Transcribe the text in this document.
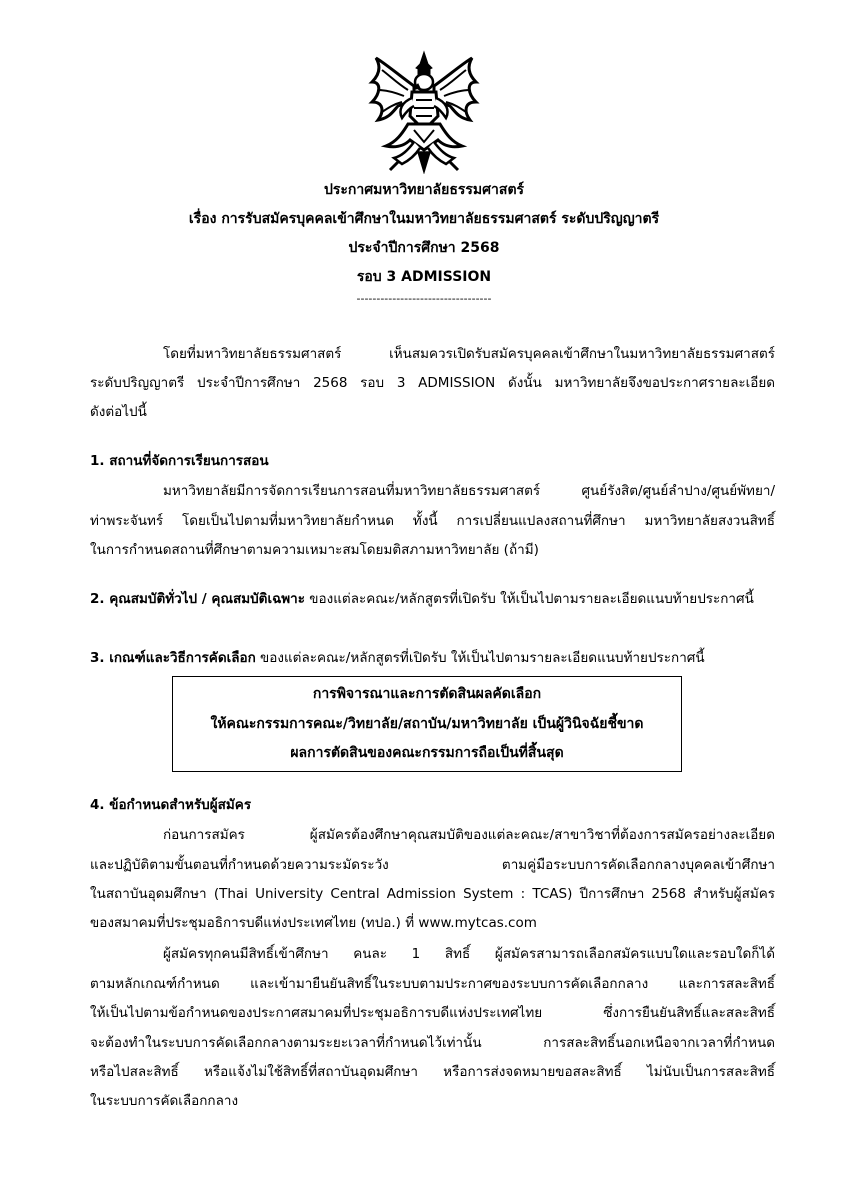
ประกาศมหาวิทยาลัยธรรมศาสตร์
เรื่อง การรับสมัครบุคคลเข้าศึกษาในมหาวิทยาลัยธรรมศาสตร์ ระดับปริญญาตรี
ประจำปีการศึกษา 2568
รอบ 3 ADMISSION
----------------------------------
โดยที่มหาวิทยาลัยธรรมศาสตร์ เห็นสมควรเปิดรับสมัครบุคคลเข้าศึกษาในมหาวิทยาลัยธรรมศาสตร์
ระดับปริญญาตรี ประจำปีการศึกษา 2568 รอบ 3 ADMISSION ดังนั้น มหาวิทยาลัยจึงขอประกาศรายละเอียด
ดังต่อไปนี้
1. สถานที่จัดการเรียนการสอน
มหาวิทยาลัยมีการจัดการเรียนการสอนที่มหาวิทยาลัยธรรมศาสตร์ ศูนย์รังสิต/ศูนย์ลำปาง/ศูนย์พัทยา/
ท่าพระจันทร์ โดยเป็นไปตามที่มหาวิทยาลัยกำหนด ทั้งนี้ การเปลี่ยนแปลงสถานที่ศึกษา มหาวิทยาลัยสงวนสิทธิ์
ในการกำหนดสถานที่ศึกษาตามความเหมาะสมโดยมติสภามหาวิทยาลัย (ถ้ามี)
2. คุณสมบัติทั่วไป / คุณสมบัติเฉพาะ ของแต่ละคณะ/หลักสูตรที่เปิดรับ ให้เป็นไปตามรายละเอียดแนบท้ายประกาศนี้
3. เกณฑ์และวิธีการคัดเลือก ของแต่ละคณะ/หลักสูตรที่เปิดรับ ให้เป็นไปตามรายละเอียดแนบท้ายประกาศนี้
การพิจารณาและการตัดสินผลคัดเลือก
ให้คณะกรรมการคณะ/วิทยาลัย/สถาบัน/มหาวิทยาลัย เป็นผู้วินิจฉัยชี้ขาด
ผลการตัดสินของคณะกรรมการถือเป็นที่สิ้นสุด
4. ข้อกำหนดสำหรับผู้สมัคร
ก่อนการสมัคร ผู้สมัครต้องศึกษาคุณสมบัติของแต่ละคณะ/สาขาวิชาที่ต้องการสมัครอย่างละเอียด
และปฏิบัติตามขั้นตอนที่กำหนดด้วยความระมัดระวัง ตามคู่มือระบบการคัดเลือกกลางบุคคลเข้าศึกษา
ในสถาบันอุดมศึกษา (Thai University Central Admission System : TCAS) ปีการศึกษา 2568 สำหรับผู้สมัคร
ของสมาคมที่ประชุมอธิการบดีแห่งประเทศไทย (ทปอ.) ที่ www.mytcas.com
ผู้สมัครทุกคนมีสิทธิ์เข้าศึกษา คนละ 1 สิทธิ์ ผู้สมัครสามารถเลือกสมัครแบบใดและรอบใดก็ได้
ตามหลักเกณฑ์กำหนด และเข้ามายืนยันสิทธิ์ในระบบตามประกาศของระบบการคัดเลือกกลาง และการสละสิทธิ์
ให้เป็นไปตามข้อกำหนดของประกาศสมาคมที่ประชุมอธิการบดีแห่งประเทศไทย ซึ่งการยืนยันสิทธิ์และสละสิทธิ์
จะต้องทำในระบบการคัดเลือกกลางตามระยะเวลาที่กำหนดไว้เท่านั้น การสละสิทธิ์นอกเหนือจากเวลาที่กำหนด
หรือไปสละสิทธิ์ หรือแจ้งไม่ใช้สิทธิ์ที่สถาบันอุดมศึกษา หรือการส่งจดหมายขอสละสิทธิ์ ไม่นับเป็นการสละสิทธิ์
ในระบบการคัดเลือกกลาง
